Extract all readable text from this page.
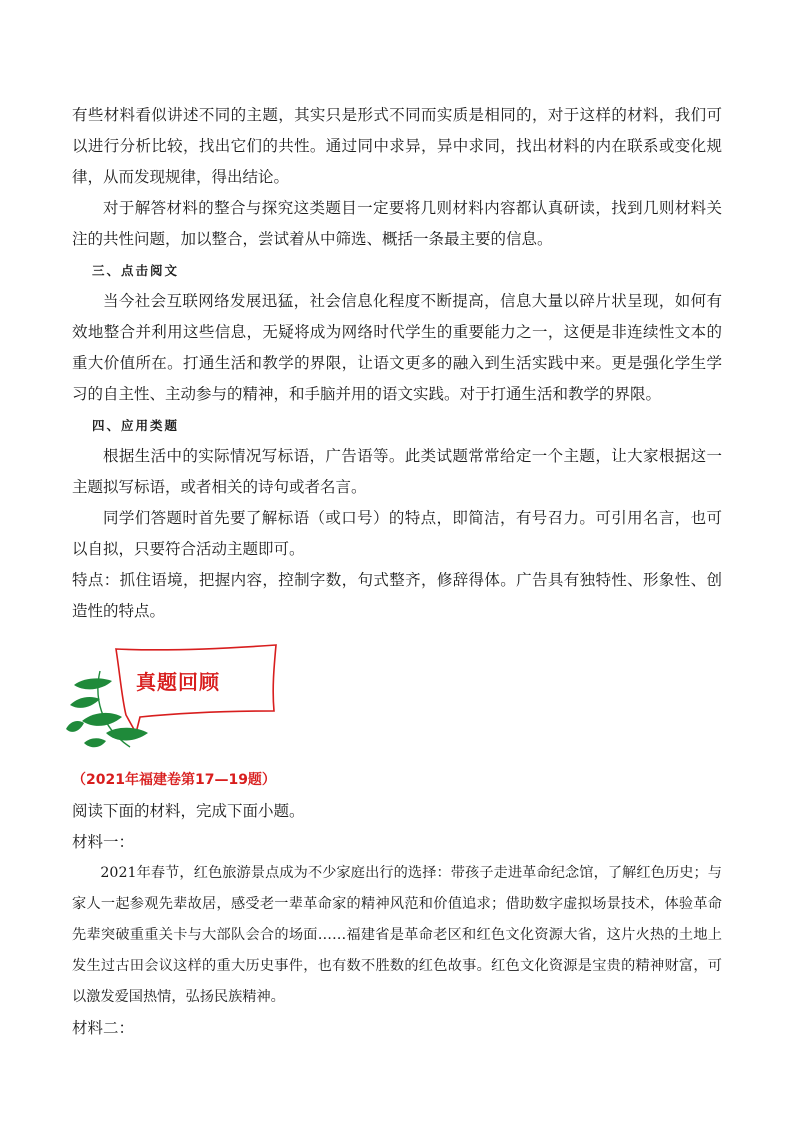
有些材料看似讲述不同的主题，其实只是形式不同而实质是相同的，对于这样的材料，我们可以进行分析比较，找出它们的共性。通过同中求异，异中求同，找出材料的内在联系或变化规律，从而发现规律，得出结论。

对于解答材料的整合与探究这类题目一定要将几则材料内容都认真研读，找到几则材料关注的共性问题，加以整合，尝试着从中筛选、概括一条最主要的信息。

三、点击阅文

当今社会互联网络发展迅猛，社会信息化程度不断提高，信息大量以碎片状呈现，如何有效地整合并利用这些信息，无疑将成为网络时代学生的重要能力之一，这便是非连续性文本的重大价值所在。打通生活和教学的界限，让语文更多的融入到生活实践中来。更是强化学生学习的自主性、主动参与的精神，和手脑并用的语文实践。对于打通生活和教学的界限。

四、应用类题

根据生活中的实际情况写标语，广告语等。此类试题常常给定一个主题，让大家根据这一主题拟写标语，或者相关的诗句或者名言。

同学们答题时首先要了解标语（或口号）的特点，即简洁，有号召力。可引用名言，也可以自拟，只要符合活动主题即可。

特点：抓住语境，把握内容，控制字数，句式整齐，修辞得体。广告具有独特性、形象性、创造性的特点。

真题回顾

（2021年福建卷第17—19题）

阅读下面的材料，完成下面小题。

材料一：

2021年春节，红色旅游景点成为不少家庭出行的选择：带孩子走进革命纪念馆，了解红色历史；与家人一起参观先辈故居，感受老一辈革命家的精神风范和价值追求；借助数字虚拟场景技术，体验革命先辈突破重重关卡与大部队会合的场面……福建省是革命老区和红色文化资源大省，这片火热的土地上发生过古田会议这样的重大历史事件，也有数不胜数的红色故事。红色文化资源是宝贵的精神财富，可以激发爱国热情，弘扬民族精神。

材料二：
